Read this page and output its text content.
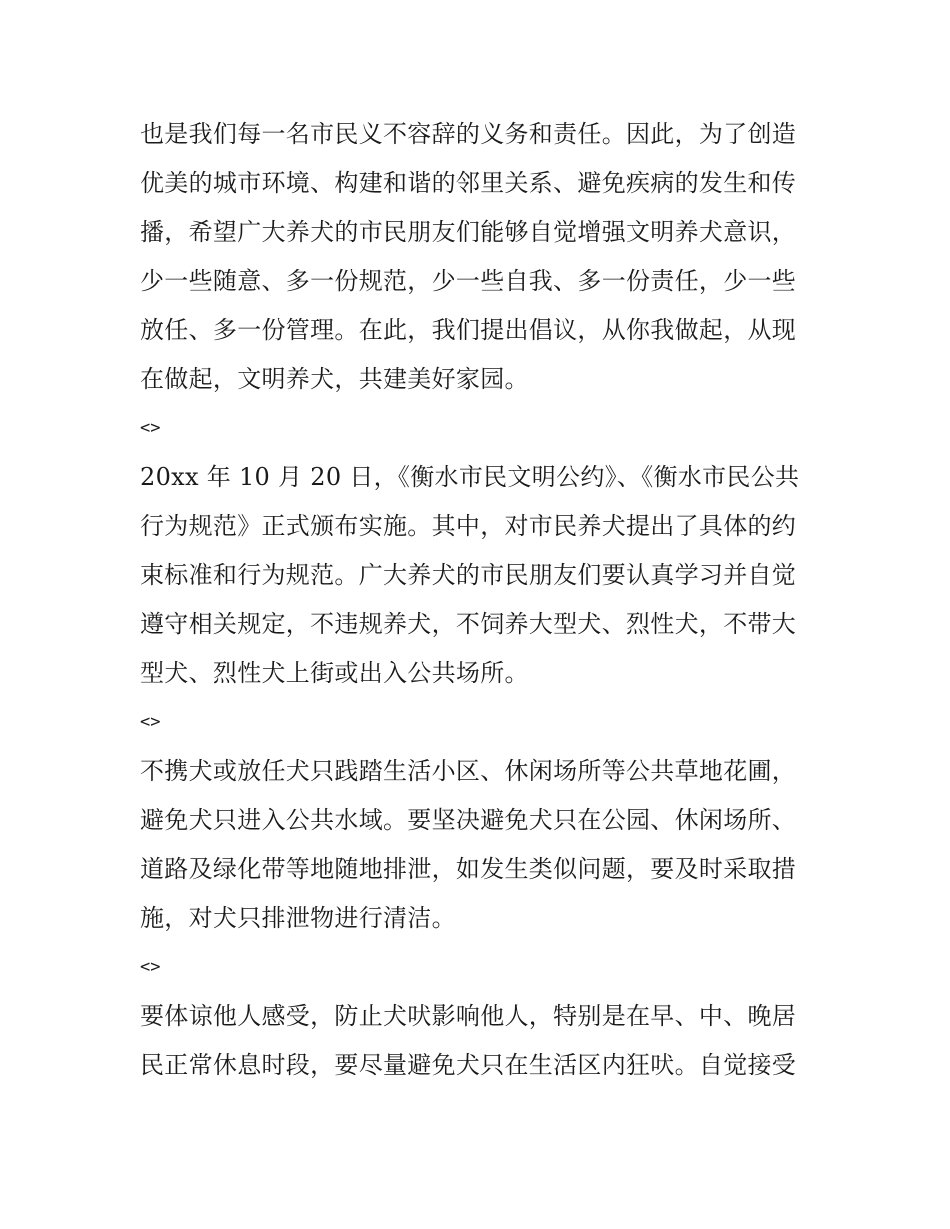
也是我们每一名市民义不容辞的义务和责任。因此，为了创造
优美的城市环境、构建和谐的邻里关系、避免疾病的发生和传
播，希望广大养犬的市民朋友们能够自觉增强文明养犬意识，
少一些随意、多一份规范，少一些自我、多一份责任，少一些
放任、多一份管理。在此，我们提出倡议，从你我做起，从现
在做起，文明养犬，共建美好家园。
<>
20xx 年 10 月 20 日，《衡水市民文明公约》、《衡水市民公共
行为规范》正式颁布实施。其中，对市民养犬提出了具体的约
束标准和行为规范。广大养犬的市民朋友们要认真学习并自觉
遵守相关规定，不违规养犬，不饲养大型犬、烈性犬，不带大
型犬、烈性犬上街或出入公共场所。
<>
不携犬或放任犬只践踏生活小区、休闲场所等公共草地花圃，
避免犬只进入公共水域。要坚决避免犬只在公园、休闲场所、
道路及绿化带等地随地排泄，如发生类似问题，要及时采取措
施，对犬只排泄物进行清洁。
<>
要体谅他人感受，防止犬吠影响他人，特别是在早、中、晚居
民正常休息时段，要尽量避免犬只在生活区内狂吠。自觉接受
